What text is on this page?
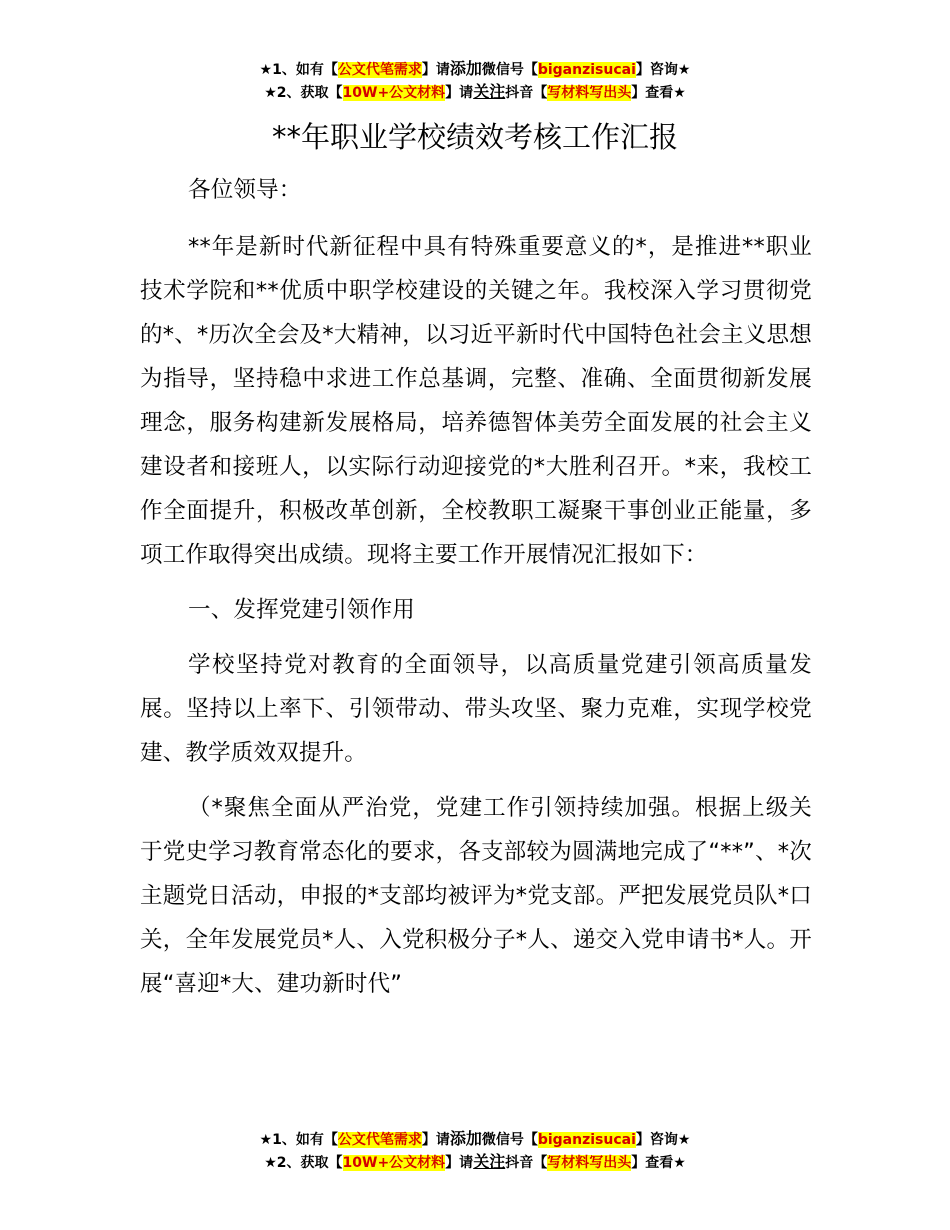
★1、如有【公文代笔需求】请添加微信号【biganzisucai】咨询★
★2、获取【10W+公文材料】请关注抖音【写材料写出头】查看★
**年职业学校绩效考核工作汇报

各位领导：

**年是新时代新征程中具有特殊重要意义的*，是推进**职业技术学院和**优质中职学校建设的关键之年。我校深入学习贯彻党的*、*历次全会及*大精神，以习近平新时代中国特色社会主义思想为指导，坚持稳中求进工作总基调，完整、准确、全面贯彻新发展理念，服务构建新发展格局，培养德智体美劳全面发展的社会主义建设者和接班人，以实际行动迎接党的*大胜利召开。*来，我校工作全面提升，积极改革创新，全校教职工凝聚干事创业正能量，多项工作取得突出成绩。现将主要工作开展情况汇报如下：

一、发挥党建引领作用

学校坚持党对教育的全面领导，以高质量党建引领高质量发展。坚持以上率下、引领带动、带头攻坚、聚力克难，实现学校党建、教学质效双提升。

（*聚焦全面从严治党，党建工作引领持续加强。根据上级关于党史学习教育常态化的要求，各支部较为圆满地完成了“**”、*次主题党日活动，申报的*支部均被评为*党支部。严把发展党员队*口关，全年发展党员*人、入党积极分子*人、递交入党申请书*人。开展“喜迎*大、建功新时代”

★1、如有【公文代笔需求】请添加微信号【biganzisucai】咨询★
★2、获取【10W+公文材料】请关注抖音【写材料写出头】查看★
